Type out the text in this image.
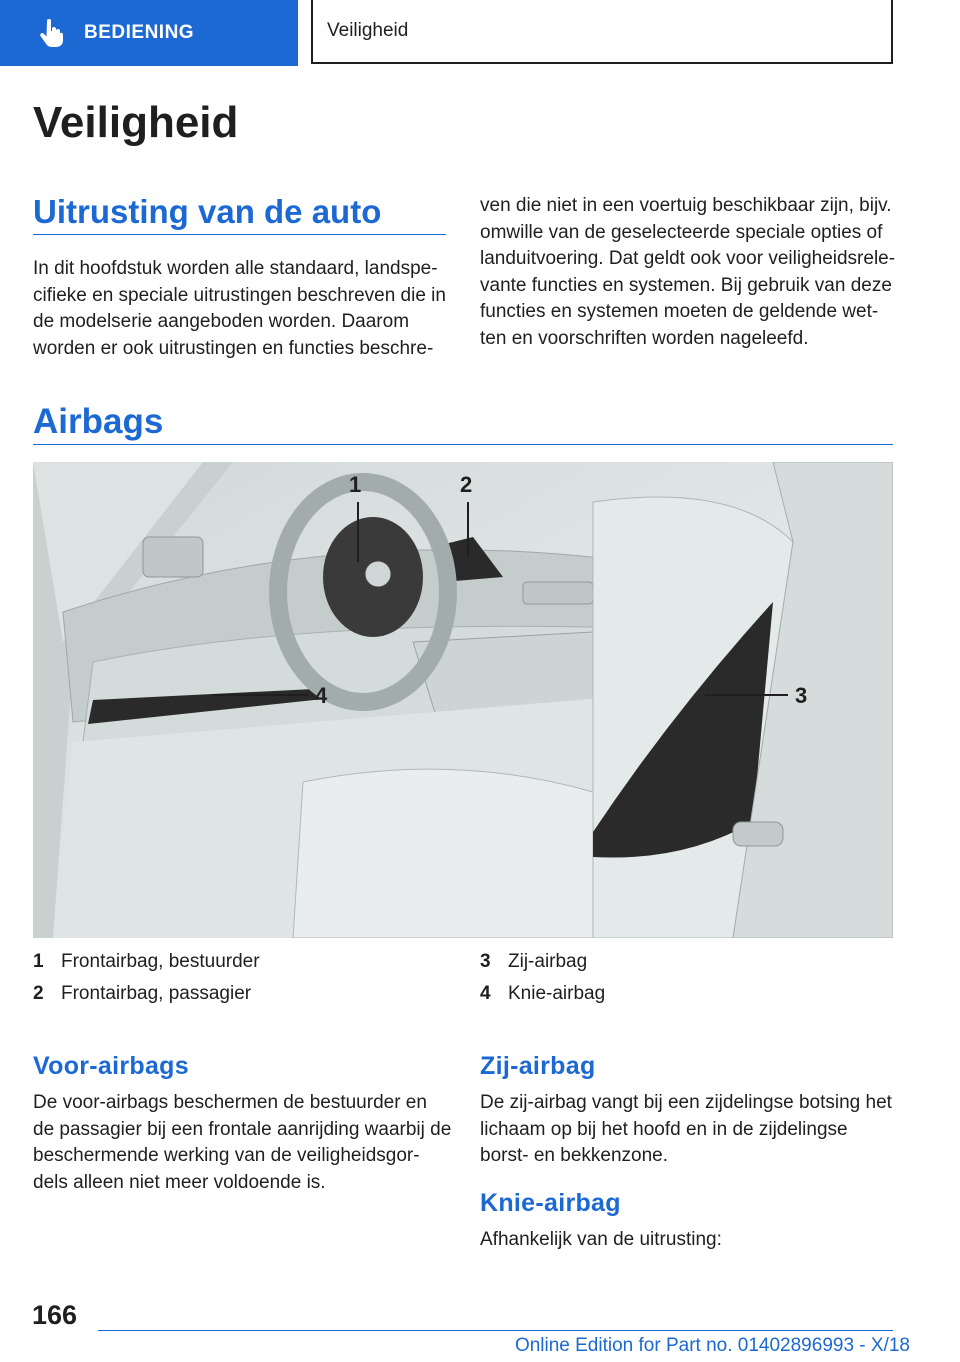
BEDIENING	Veiligheid
Veiligheid
Uitrusting van de auto
In dit hoofdstuk worden alle standaard, landspe-
cifieke en speciale uitrustingen beschreven die in
de modelserie aangeboden worden. Daarom
worden er ook uitrustingen en functies beschre-
ven die niet in een voertuig beschikbaar zijn, bijv.
omwille van de geselecteerde speciale opties of
landuitvoering. Dat geldt ook voor veiligheidsrele-
vante functies en systemen. Bij gebruik van deze
functies en systemen moeten de geldende wet-
ten en voorschriften worden nageleefd.
Airbags
1	2
3
4
1 Frontairbag, bestuurder
2 Frontairbag, passagier
3 Zij-airbag
4 Knie-airbag
Voor-airbags
De voor-airbags beschermen de bestuurder en
de passagier bij een frontale aanrijding waarbij de
beschermende werking van de veiligheidsgor-
dels alleen niet meer voldoende is.
Zij-airbag
De zij-airbag vangt bij een zijdelingse botsing het
lichaam op bij het hoofd en in de zijdelingse
borst- en bekkenzone.
Knie-airbag
Afhankelijk van de uitrusting:
166
Online Edition for Part no. 01402896993 - X/18
